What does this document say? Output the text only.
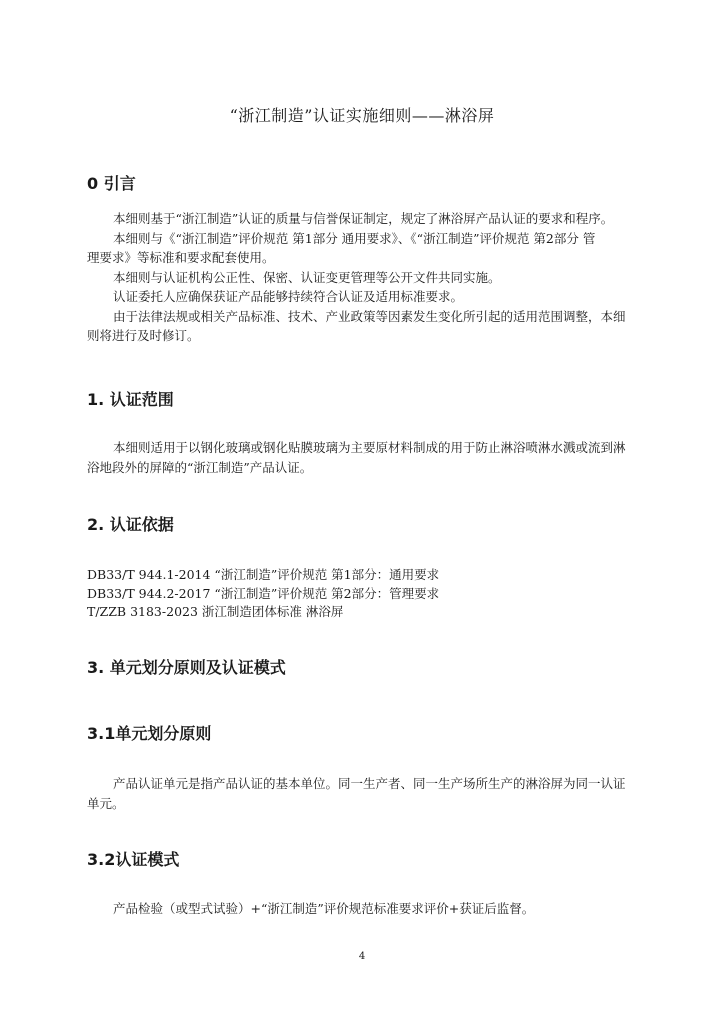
“浙江制造”认证实施细则——淋浴屏
0 引言
本细则基于“浙江制造”认证的质量与信誉保证制定，规定了淋浴屏产品认证的要求和程序。
本细则与《“浙江制造”评价规范 第1部分 通用要求》、《“浙江制造”评价规范 第2部分 管
理要求》等标准和要求配套使用。
本细则与认证机构公正性、保密、认证变更管理等公开文件共同实施。
认证委托人应确保获证产品能够持续符合认证及适用标准要求。
由于法律法规或相关产品标准、技术、产业政策等因素发生变化所引起的适用范围调整，本细
则将进行及时修订。
1. 认证范围
本细则适用于以钢化玻璃或钢化贴膜玻璃为主要原材料制成的用于防止淋浴喷淋水溅或流到淋
浴地段外的屏障的“浙江制造”产品认证。
2. 认证依据
DB33/T 944.1-2014 “浙江制造”评价规范 第1部分：通用要求
DB33/T 944.2-2017 “浙江制造”评价规范 第2部分：管理要求
T/ZZB 3183-2023 浙江制造团体标准 淋浴屏
3. 单元划分原则及认证模式
3.1单元划分原则
产品认证单元是指产品认证的基本单位。同一生产者、同一生产场所生产的淋浴屏为同一认证
单元。
3.2认证模式
产品检验（或型式试验）+“浙江制造”评价规范标准要求评价+获证后监督。
4
